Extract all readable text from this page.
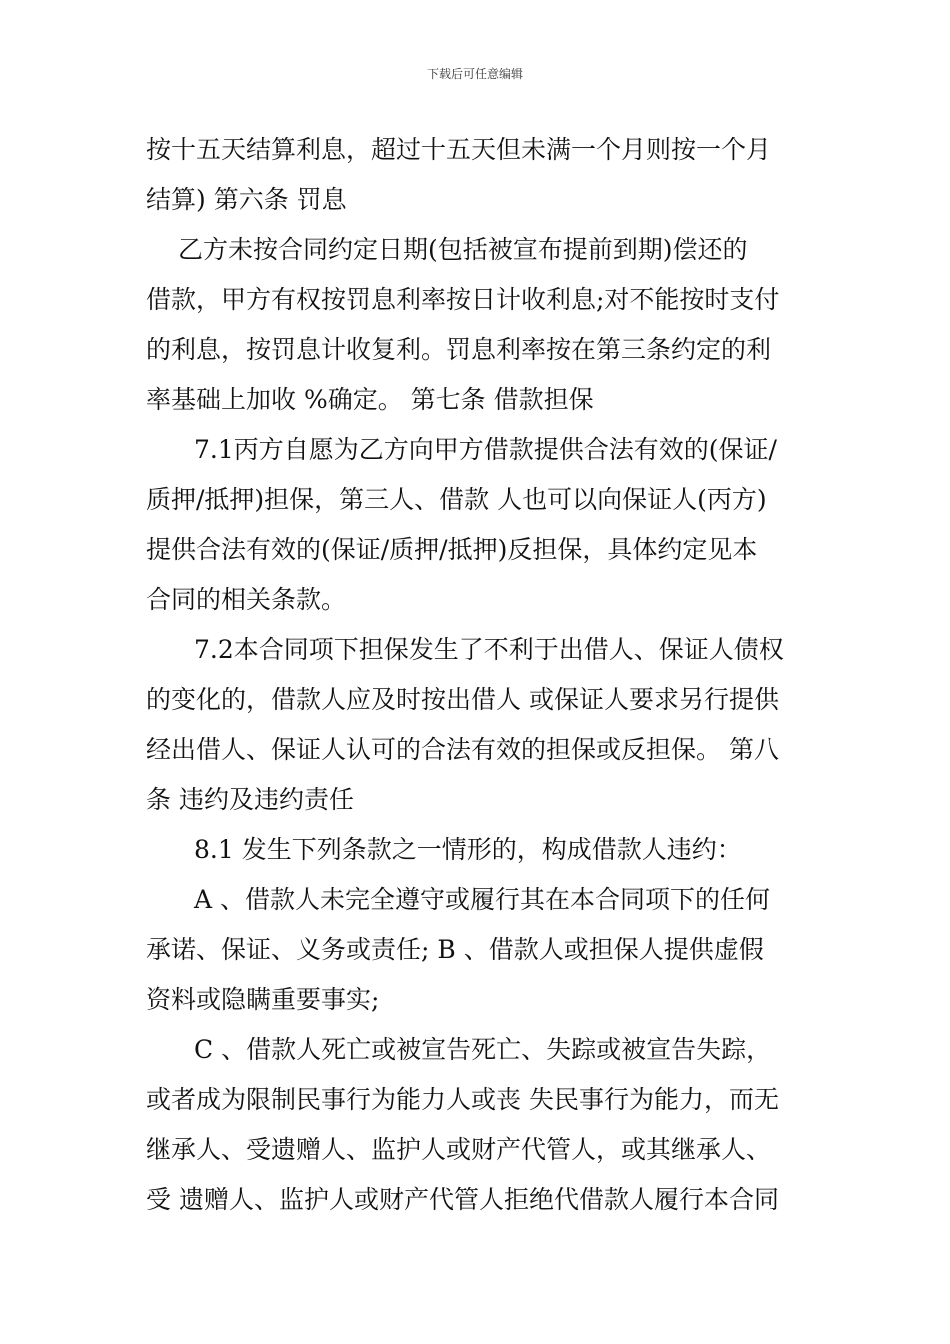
下载后可任意编辑
按十五天结算利息，超过十五天但未满一个月则按一个月
结算) 第六条 罚息
乙方未按合同约定日期(包括被宣布提前到期)偿还的
借款，甲方有权按罚息利率按日计收利息;对不能按时支付
的利息，按罚息计收复利。罚息利率按在第三条约定的利
率基础上加收 %确定。 第七条 借款担保
7.1丙方自愿为乙方向甲方借款提供合法有效的(保证/
质押/抵押)担保，第三人、借款 人也可以向保证人(丙方)
提供合法有效的(保证/质押/抵押)反担保，具体约定见本
合同的相关条款。
7.2本合同项下担保发生了不利于出借人、保证人债权
的变化的，借款人应及时按出借人 或保证人要求另行提供
经出借人、保证人认可的合法有效的担保或反担保。 第八
条 违约及违约责任
8.1 发生下列条款之一情形的，构成借款人违约：
A 、借款人未完全遵守或履行其在本合同项下的任何
承诺、保证、义务或责任; B 、借款人或担保人提供虚假
资料或隐瞒重要事实;
C 、借款人死亡或被宣告死亡、失踪或被宣告失踪，
或者成为限制民事行为能力人或丧 失民事行为能力，而无
继承人、受遗赠人、监护人或财产代管人，或其继承人、
受 遗赠人、监护人或财产代管人拒绝代借款人履行本合同
